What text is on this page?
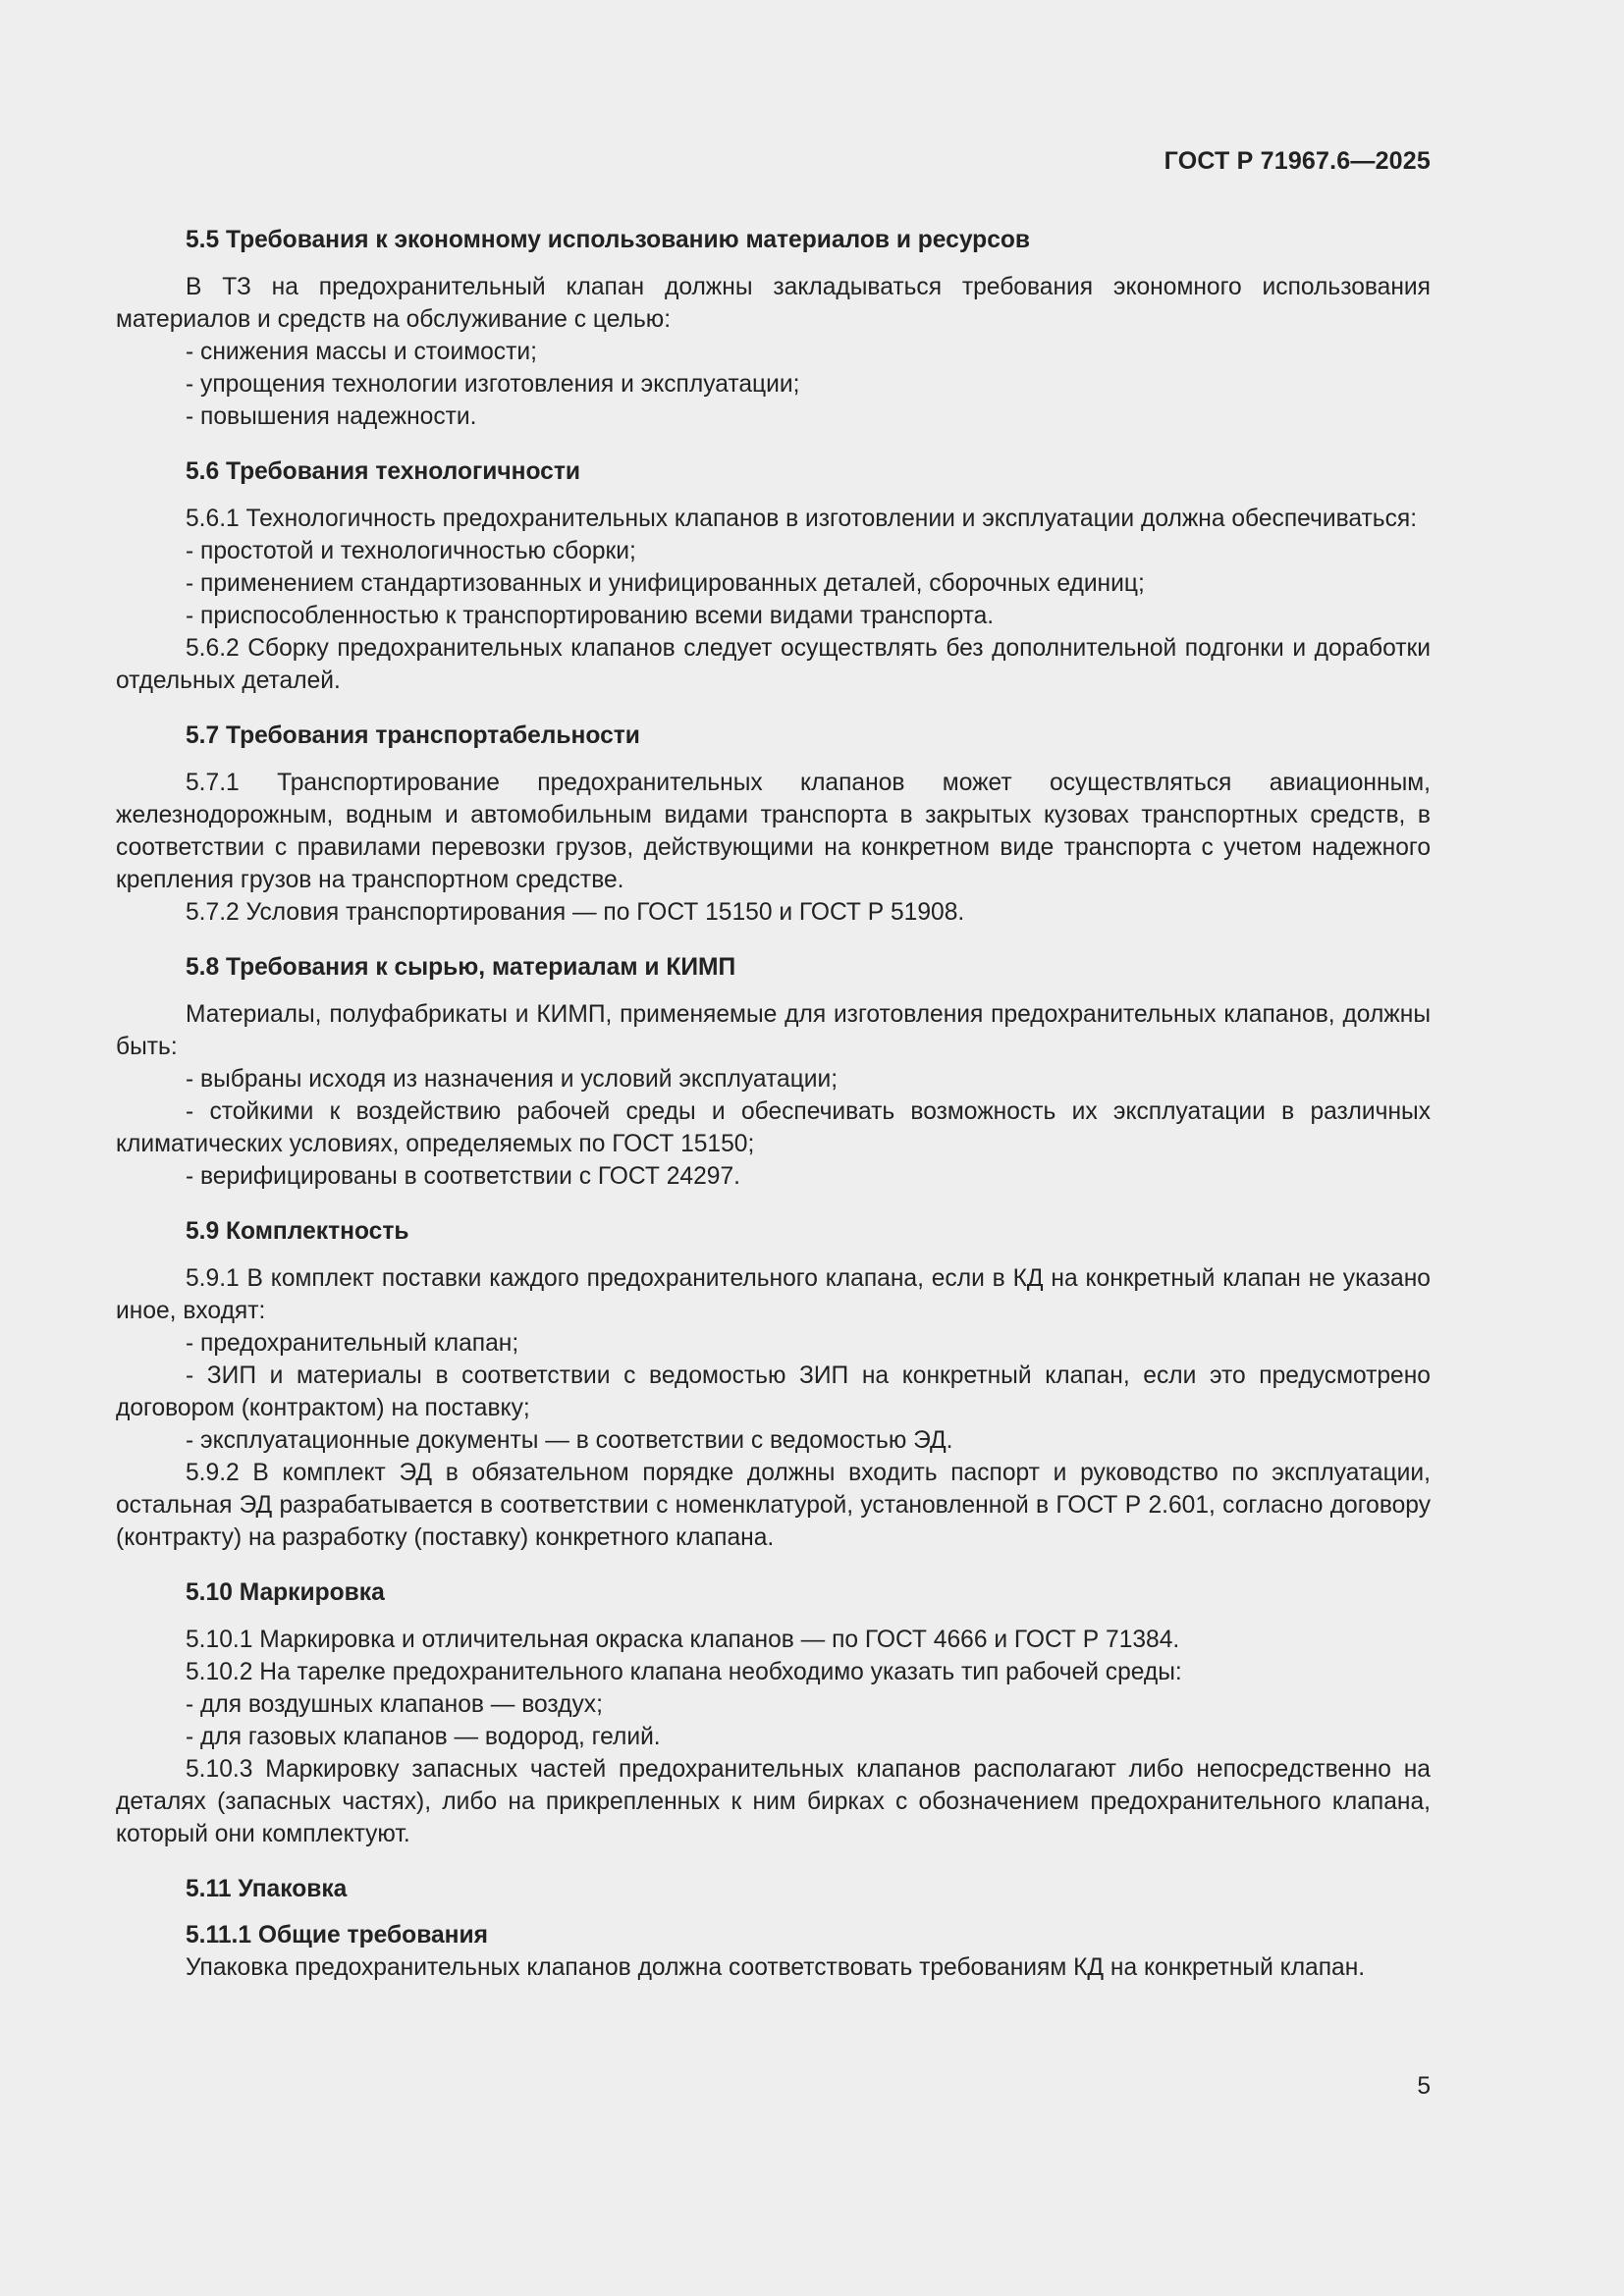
ГОСТ Р 71967.6—2025

5.5 Требования к экономному использованию материалов и ресурсов

В ТЗ на предохранительный клапан должны закладываться требования экономного использования материалов и средств на обслуживание с целью:

- снижения массы и стоимости;

- упрощения технологии изготовления и эксплуатации;

- повышения надежности.

5.6 Требования технологичности

5.6.1 Технологичность предохранительных клапанов в изготовлении и эксплуатации должна обеспечиваться:

- простотой и технологичностью сборки;

- применением стандартизованных и унифицированных деталей, сборочных единиц;

- приспособленностью к транспортированию всеми видами транспорта.

5.6.2 Сборку предохранительных клапанов следует осуществлять без дополнительной подгонки и доработки отдельных деталей.

5.7 Требования транспортабельности

5.7.1 Транспортирование предохранительных клапанов может осуществляться авиационным, железнодорожным, водным и автомобильным видами транспорта в закрытых кузовах транспортных средств, в соответствии с правилами перевозки грузов, действующими на конкретном виде транспорта с учетом надежного крепления грузов на транспортном средстве.

5.7.2 Условия транспортирования — по ГОСТ 15150 и ГОСТ Р 51908.

5.8 Требования к сырью, материалам и КИМП

Материалы, полуфабрикаты и КИМП, применяемые для изготовления предохранительных клапанов, должны быть:

- выбраны исходя из назначения и условий эксплуатации;

- стойкими к воздействию рабочей среды и обеспечивать возможность их эксплуатации в различных климатических условиях, определяемых по ГОСТ 15150;

- верифицированы в соответствии с ГОСТ 24297.

5.9 Комплектность

5.9.1 В комплект поставки каждого предохранительного клапана, если в КД на конкретный клапан не указано иное, входят:

- предохранительный клапан;

- ЗИП и материалы в соответствии с ведомостью ЗИП на конкретный клапан, если это предусмотрено договором (контрактом) на поставку;

- эксплуатационные документы — в соответствии с ведомостью ЭД.

5.9.2 В комплект ЭД в обязательном порядке должны входить паспорт и руководство по эксплуатации, остальная ЭД разрабатывается в соответствии с номенклатурой, установленной в ГОСТ Р 2.601, согласно договору (контракту) на разработку (поставку) конкретного клапана.

5.10 Маркировка

5.10.1 Маркировка и отличительная окраска клапанов — по ГОСТ 4666 и ГОСТ Р 71384.

5.10.2 На тарелке предохранительного клапана необходимо указать тип рабочей среды:

- для воздушных клапанов — воздух;

- для газовых клапанов — водород, гелий.

5.10.3 Маркировку запасных частей предохранительных клапанов располагают либо непосредственно на деталях (запасных частях), либо на прикрепленных к ним бирках с обозначением предохранительного клапана, который они комплектуют.

5.11 Упаковка

5.11.1 Общие требования

Упаковка предохранительных клапанов должна соответствовать требованиям КД на конкретный клапан.

5
